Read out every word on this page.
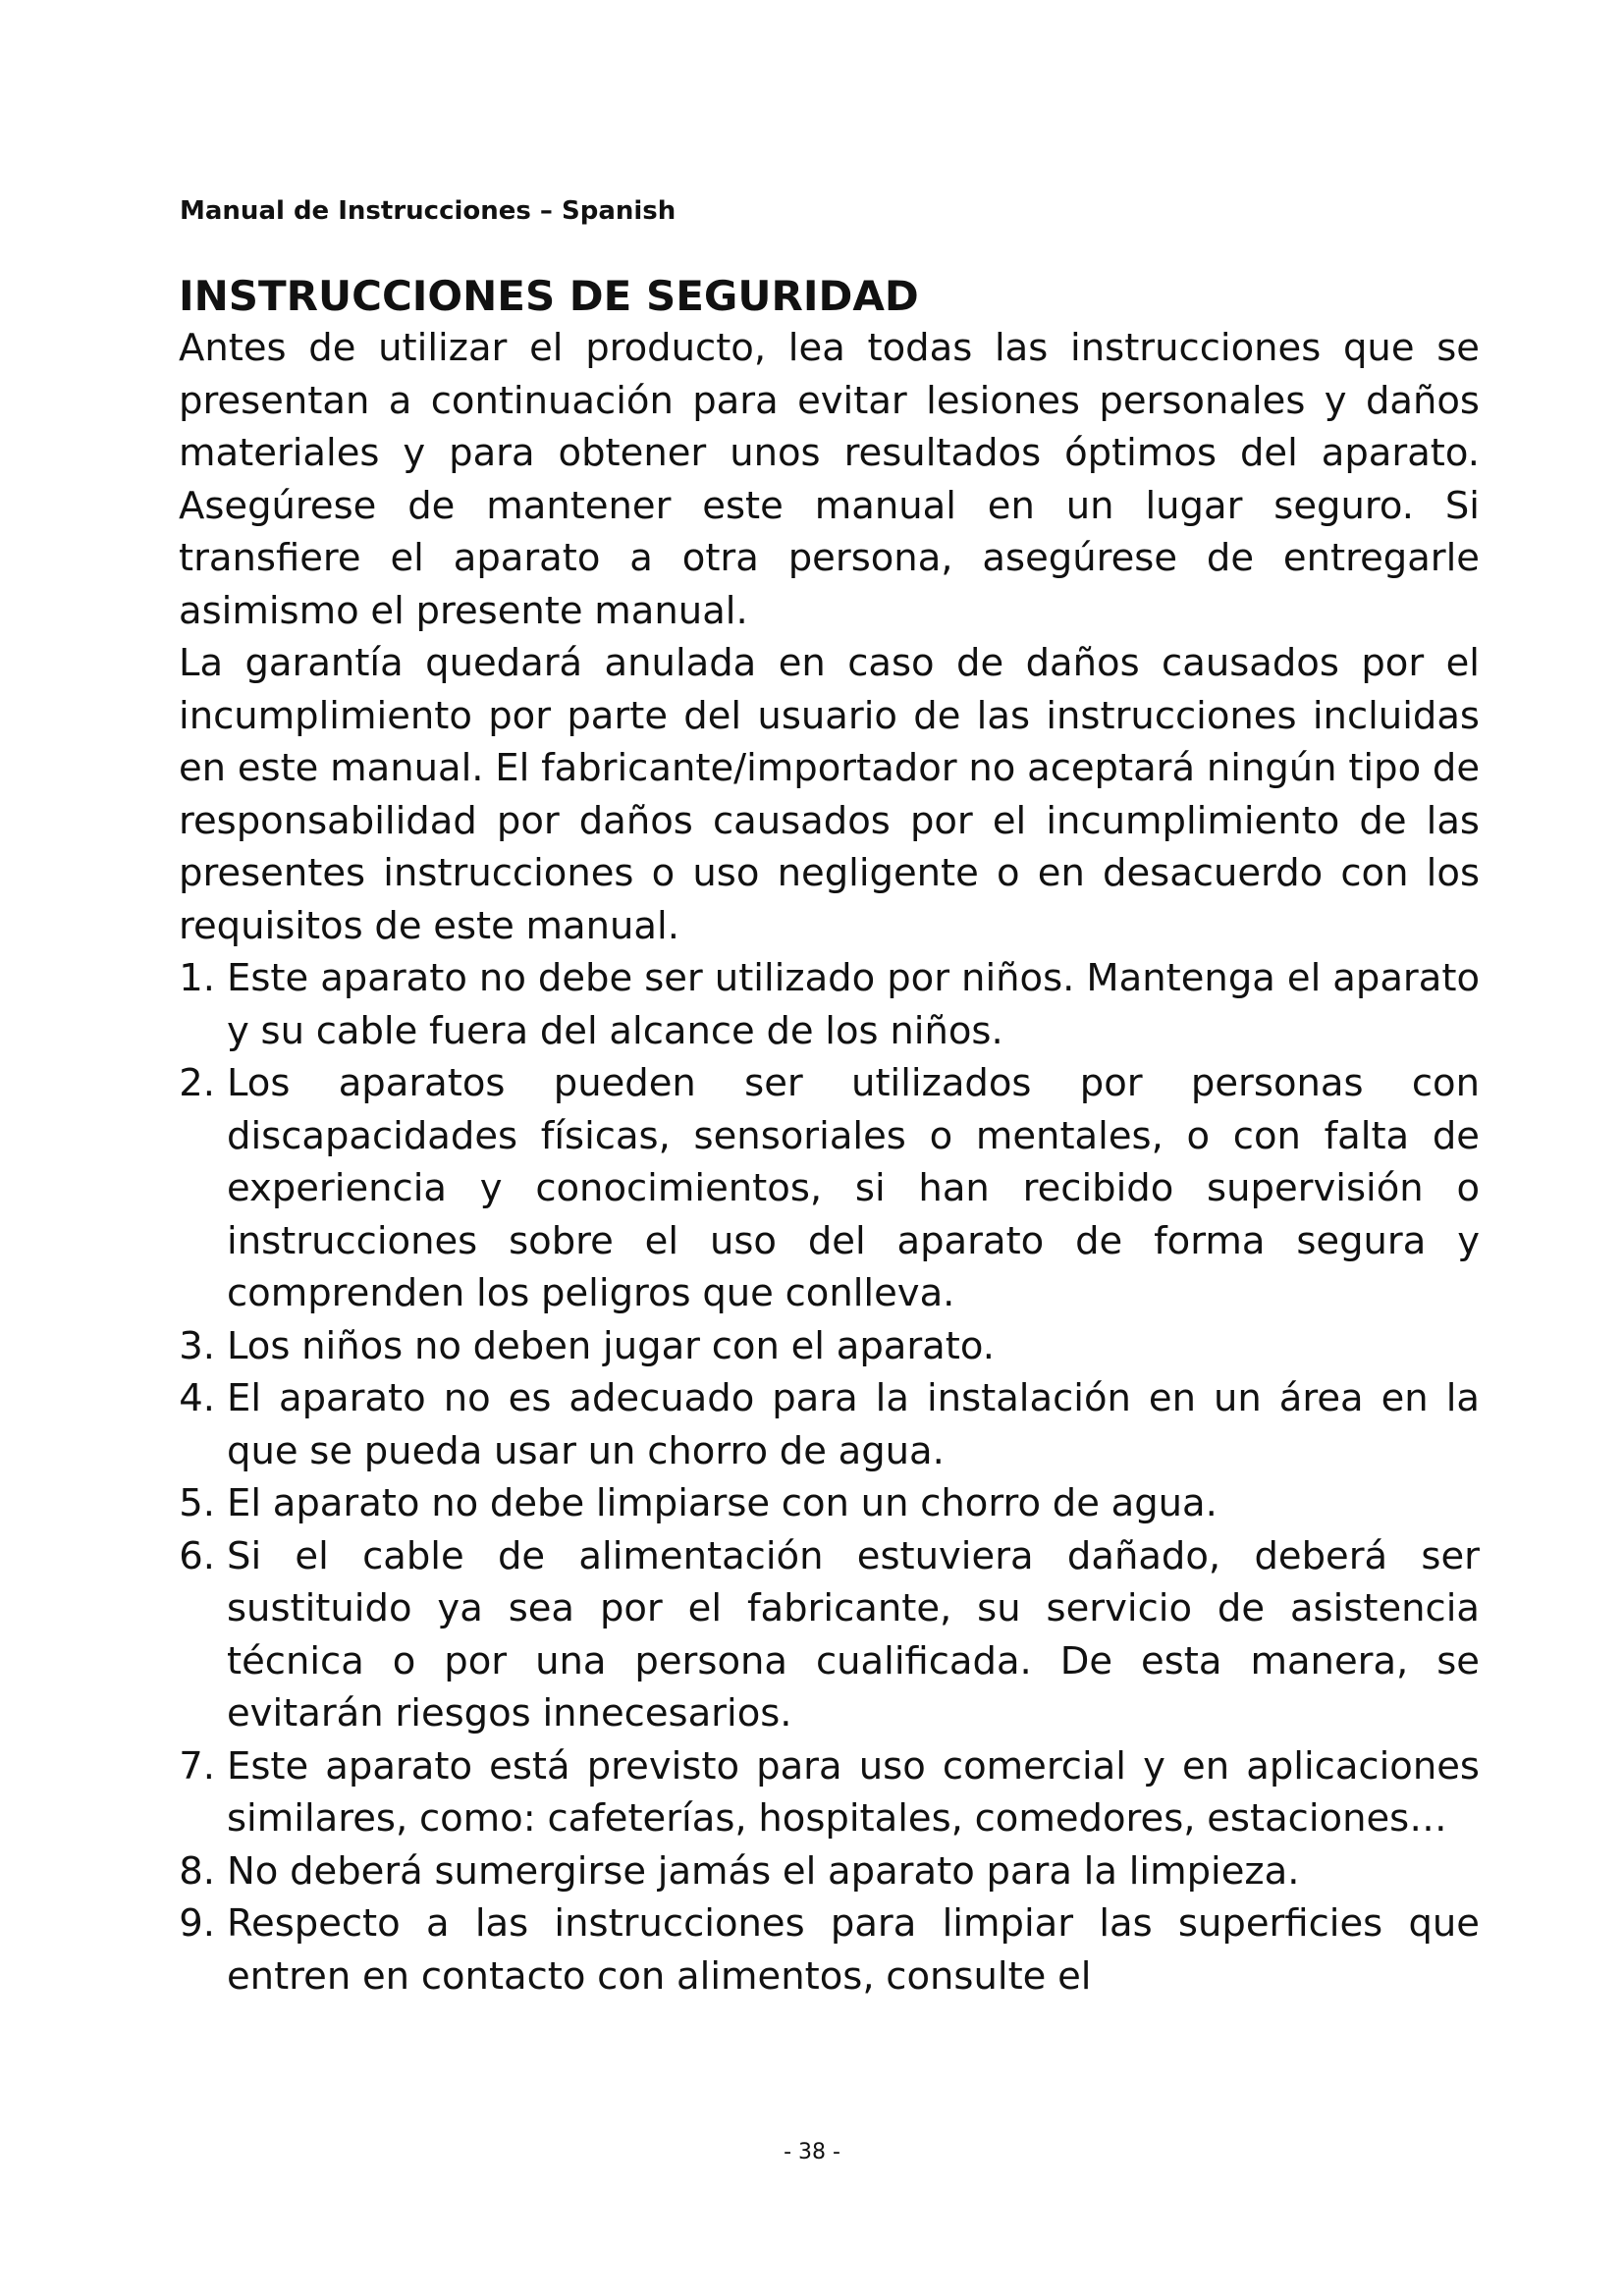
Manual de Instrucciones – Spanish
INSTRUCCIONES DE SEGURIDAD

Antes de utilizar el producto, lea todas las instrucciones que se presentan a continuación para evitar lesiones personales y daños materiales y para obtener unos resultados óptimos del aparato. Asegúrese de mantener este manual en un lugar seguro. Si transfiere el aparato a otra persona, asegúrese de entregarle asimismo el presente manual.

La garantía quedará anulada en caso de daños causados por el incumplimiento por parte del usuario de las instrucciones incluidas en este manual. El fabricante/importador no aceptará ningún tipo de responsabilidad por daños causados por el incumplimiento de las presentes instrucciones o uso negligente o en desacuerdo con los requisitos de este manual.

1. Este aparato no debe ser utilizado por niños. Mantenga el aparato y su cable fuera del alcance de los niños.
2. Los aparatos pueden ser utilizados por personas con discapacidades físicas, sensoriales o mentales, o con falta de experiencia y conocimientos, si han recibido supervisión o instrucciones sobre el uso del aparato de forma segura y comprenden los peligros que conlleva.
3. Los niños no deben jugar con el aparato.
4. El aparato no es adecuado para la instalación en un área en la que se pueda usar un chorro de agua.
5. El aparato no debe limpiarse con un chorro de agua.
6. Si el cable de alimentación estuviera dañado, deberá ser sustituido ya sea por el fabricante, su servicio de asistencia técnica o por una persona cualificada. De esta manera, se evitarán riesgos innecesarios.
7. Este aparato está previsto para uso comercial y en aplicaciones similares, como: cafeterías, hospitales, comedores, estaciones…
8. No deberá sumergirse jamás el aparato para la limpieza.
9. Respecto a las instrucciones para limpiar las superficies que entren en contacto con alimentos, consulte el
- 38 -
